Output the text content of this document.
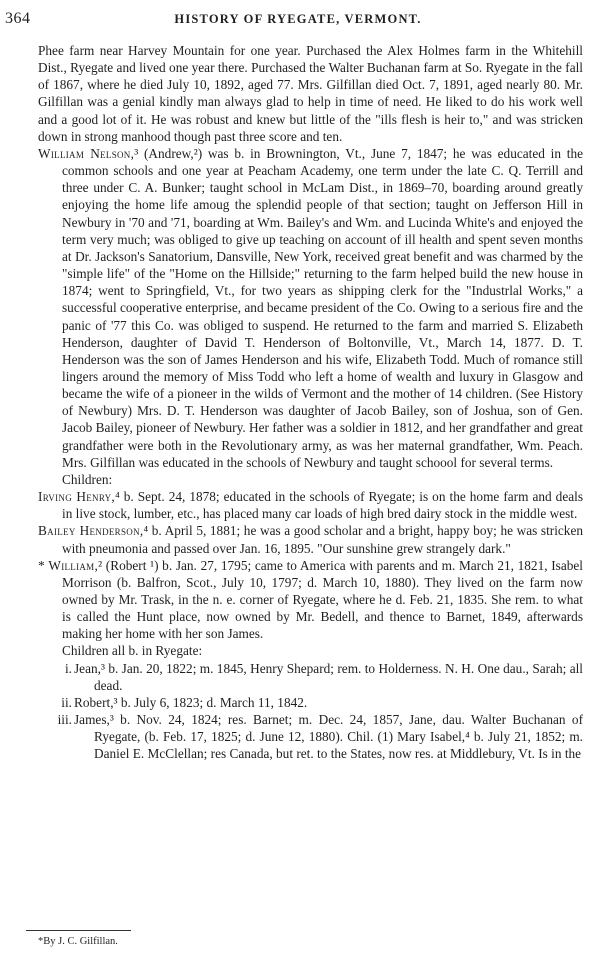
364	HISTORY OF RYEGATE, VERMONT.

Phee farm near Harvey Mountain for one year. Purchased the Alex Holmes farm in the Whitehill Dist., Ryegate and lived one year there. Purchased the Walter Buchanan farm at So. Ryegate in the fall of 1867, where he died July 10, 1892, aged 77. Mrs. Gilfillan died Oct. 7, 1891, aged nearly 80. Mr. Gilfillan was a genial kindly man always glad to help in time of need. He liked to do his work well and a good lot of it. He was robust and knew but little of the "ills flesh is heir to," and was stricken down in strong manhood though past three score and ten.

William Nelson,³ (Andrew,²) was b. in Brownington, Vt., June 7, 1847; he was educated in the common schools and one year at Peacham Academy, one term under the late C. Q. Terrill and three under C. A. Bunker; taught school in McLam Dist., in 1869–70, boarding around greatly enjoying the home life amoug the splendid people of that section; taught on Jefferson Hill in Newbury in '70 and '71, boarding at Wm. Bailey's and Wm. and Lucinda White's and enjoyed the term very much; was obliged to give up teaching on account of ill health and spent seven months at Dr. Jackson's Sanatorium, Dansville, New York, received great benefit and was charmed by the "simple life" of the "Home on the Hillside;" returning to the farm helped build the new house in 1874; went to Springfield, Vt., for two years as shipping clerk for the "Industrlal Works," a successful cooperative enterprise, and became president of the Co. Owing to a serious fire and the panic of '77 this Co. was obliged to suspend. He returned to the farm and married S. Elizabeth Henderson, daughter of David T. Henderson of Boltonville, Vt., March 14, 1877. D. T. Henderson was the son of James Henderson and his wife, Elizabeth Todd. Much of romance still lingers around the memory of Miss Todd who left a home of wealth and luxury in Glasgow and became the wife of a pioneer in the wilds of Vermont and the mother of 14 children. (See History of Newbury) Mrs. D. T. Henderson was daughter of Jacob Bailey, son of Joshua, son of Gen. Jacob Bailey, pioneer of Newbury. Her father was a soldier in 1812, and her grandfather and great grandfather were both in the Revolutionary army, as was her maternal grandfather, Wm. Peach. Mrs. Gilfillan was educated in the schools of Newbury and taught schoool for several terms.

Children:

Irving Henry,⁴ b. Sept. 24, 1878; educated in the schools of Ryegate; is on the home farm and deals in live stock, lumber, etc., has placed many car loads of high bred dairy stock in the middle west.

Bailey Henderson,⁴ b. April 5, 1881; he was a good scholar and a bright, happy boy; he was stricken with pneumonia and passed over Jan. 16, 1895. "Our sunshine grew strangely dark."

* William,² (Robert ¹) b. Jan. 27, 1795; came to America with parents and m. March 21, 1821, Isabel Morrison (b. Balfron, Scot., July 10, 1797; d. March 10, 1880). They lived on the farm now owned by Mr. Trask, in the n. e. corner of Ryegate, where he d. Feb. 21, 1835. She rem. to what is called the Hunt place, now owned by Mr. Bedell, and thence to Barnet, 1849, afterwards making her home with her son James.

Children all b. in Ryegate:

i. Jean,³ b. Jan. 20, 1822; m. 1845, Henry Shepard; rem. to Holderness. N. H. One dau., Sarah; all dead.

ii. Robert,³ b. July 6, 1823; d. March 11, 1842.

iii. James,³ b. Nov. 24, 1824; res. Barnet; m. Dec. 24, 1857, Jane, dau. Walter Buchanan of Ryegate, (b. Feb. 17, 1825; d. June 12, 1880). Chil. (1) Mary Isabel,⁴ b. July 21, 1852; m. Daniel E. McClellan; res Canada, but ret. to the States, now res. at Middlebury, Vt. Is in the

*By J. C. Gilfillan.
